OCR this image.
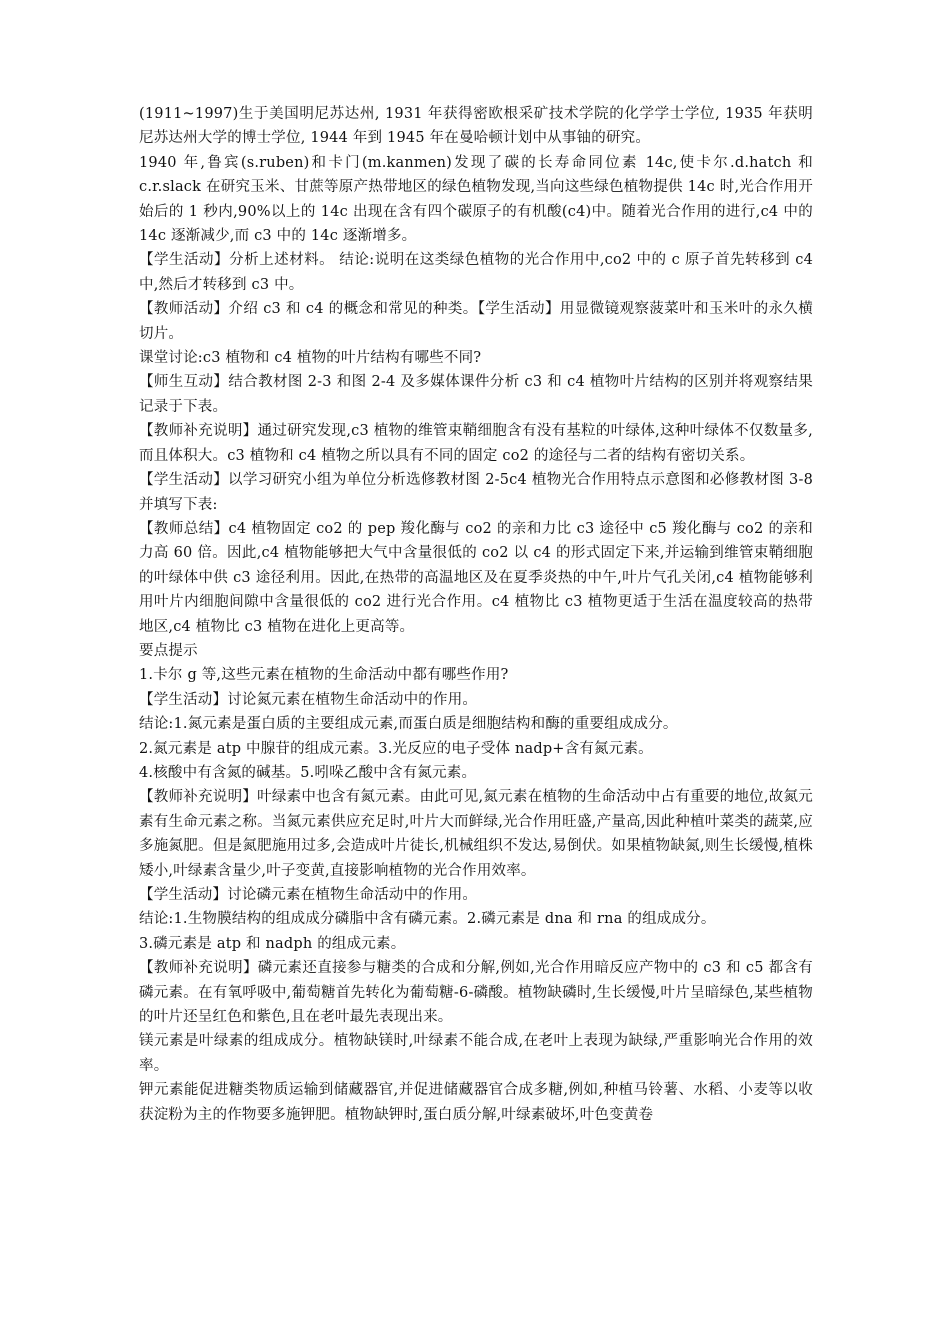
(1911~1997)生于美国明尼苏达州, 1931 年获得密欧根采矿技术学院的化学学士学位, 1935 年获明尼苏达州大学的博士学位, 1944 年到 1945 年在曼哈顿计划中从事铀的研究。

1940 年,鲁宾(s.ruben)和卡门(m.kanmen)发现了碳的长寿命同位素 14c,使卡尔.d.hatch 和 c.r.slack 在研究玉米、甘蔗等原产热带地区的绿色植物发现,当向这些绿色植物提供 14c 时,光合作用开始后的 1 秒内,90%以上的 14c 出现在含有四个碳原子的有机酸(c4)中。随着光合作用的进行,c4 中的 14c 逐渐减少,而 c3 中的 14c 逐渐增多。

【学生活动】分析上述材料。 结论:说明在这类绿色植物的光合作用中,co2 中的 c 原子首先转移到 c4 中,然后才转移到 c3 中。

【教师活动】介绍 c3 和 c4 的概念和常见的种类。【学生活动】用显微镜观察菠菜叶和玉米叶的永久横切片。

课堂讨论:c3 植物和 c4 植物的叶片结构有哪些不同?

【师生互动】结合教材图 2-3 和图 2-4 及多媒体课件分析 c3 和 c4 植物叶片结构的区别并将观察结果记录于下表。

【教师补充说明】通过研究发现,c3 植物的维管束鞘细胞含有没有基粒的叶绿体,这种叶绿体不仅数量多,而且体积大。c3 植物和 c4 植物之所以具有不同的固定 co2 的途径与二者的结构有密切关系。

【学生活动】以学习研究小组为单位分析选修教材图 2-5c4 植物光合作用特点示意图和必修教材图 3-8 并填写下表:

【教师总结】c4 植物固定 co2 的 pep 羧化酶与 co2 的亲和力比 c3 途径中 c5 羧化酶与 co2 的亲和力高 60 倍。因此,c4 植物能够把大气中含量很低的 co2 以 c4 的形式固定下来,并运输到维管束鞘细胞的叶绿体中供 c3 途径利用。因此,在热带的高温地区及在夏季炎热的中午,叶片气孔关闭,c4 植物能够利用叶片内细胞间隙中含量很低的 co2 进行光合作用。c4 植物比 c3 植物更适于生活在温度较高的热带地区,c4 植物比 c3 植物在进化上更高等。

要点提示

1.卡尔 g 等,这些元素在植物的生命活动中都有哪些作用?

【学生活动】讨论氮元素在植物生命活动中的作用。

结论:1.氮元素是蛋白质的主要组成元素,而蛋白质是细胞结构和酶的重要组成成分。

2.氮元素是 atp 中腺苷的组成元素。3.光反应的电子受体 nadp+含有氮元素。

4.核酸中有含氮的碱基。5.吲哚乙酸中含有氮元素。

【教师补充说明】叶绿素中也含有氮元素。由此可见,氮元素在植物的生命活动中占有重要的地位,故氮元素有生命元素之称。当氮元素供应充足时,叶片大而鲜绿,光合作用旺盛,产量高,因此种植叶菜类的蔬菜,应多施氮肥。但是氮肥施用过多,会造成叶片徒长,机械组织不发达,易倒伏。如果植物缺氮,则生长缓慢,植株矮小,叶绿素含量少,叶子变黄,直接影响植物的光合作用效率。

【学生活动】讨论磷元素在植物生命活动中的作用。

结论:1.生物膜结构的组成成分磷脂中含有磷元素。2.磷元素是 dna 和 rna 的组成成分。

3.磷元素是 atp 和 nadph 的组成元素。

【教师补充说明】磷元素还直接参与糖类的合成和分解,例如,光合作用暗反应产物中的 c3 和 c5 都含有磷元素。在有氧呼吸中,葡萄糖首先转化为葡萄糖-6-磷酸。植物缺磷时,生长缓慢,叶片呈暗绿色,某些植物的叶片还呈红色和紫色,且在老叶最先表现出来。

镁元素是叶绿素的组成成分。植物缺镁时,叶绿素不能合成,在老叶上表现为缺绿,严重影响光合作用的效率。

钾元素能促进糖类物质运输到储藏器官,并促进储藏器官合成多糖,例如,种植马铃薯、水稻、小麦等以收获淀粉为主的作物要多施钾肥。植物缺钾时,蛋白质分解,叶绿素破坏,叶色变黄卷
